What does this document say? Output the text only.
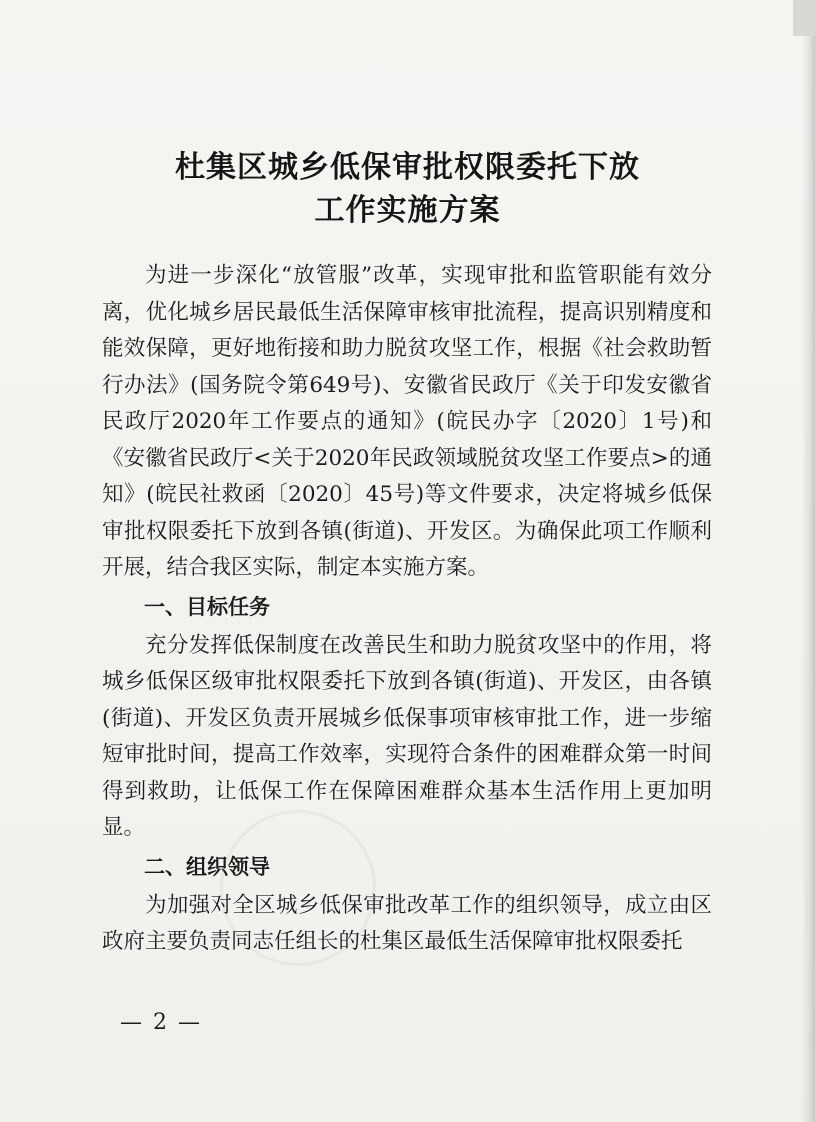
杜集区城乡低保审批权限委托下放
工作实施方案

为进一步深化“放管服”改革，实现审批和监管职能有效分离，优化城乡居民最低生活保障审核审批流程，提高识别精度和能效保障，更好地衔接和助力脱贫攻坚工作，根据《社会救助暂行办法》(国务院令第649号)、安徽省民政厅《关于印发安徽省民政厅2020年工作要点的通知》(皖民办字〔2020〕1号)和《安徽省民政厅<关于2020年民政领域脱贫攻坚工作要点>的通知》(皖民社救函〔2020〕45号)等文件要求，决定将城乡低保审批权限委托下放到各镇(街道)、开发区。为确保此项工作顺利开展，结合我区实际，制定本实施方案。

一、目标任务

充分发挥低保制度在改善民生和助力脱贫攻坚中的作用，将城乡低保区级审批权限委托下放到各镇(街道)、开发区，由各镇(街道)、开发区负责开展城乡低保事项审核审批工作，进一步缩短审批时间，提高工作效率，实现符合条件的困难群众第一时间得到救助，让低保工作在保障困难群众基本生活作用上更加明显。

二、组织领导

为加强对全区城乡低保审批改革工作的组织领导，成立由区政府主要负责同志任组长的杜集区最低生活保障审批权限委托

— 2 —
